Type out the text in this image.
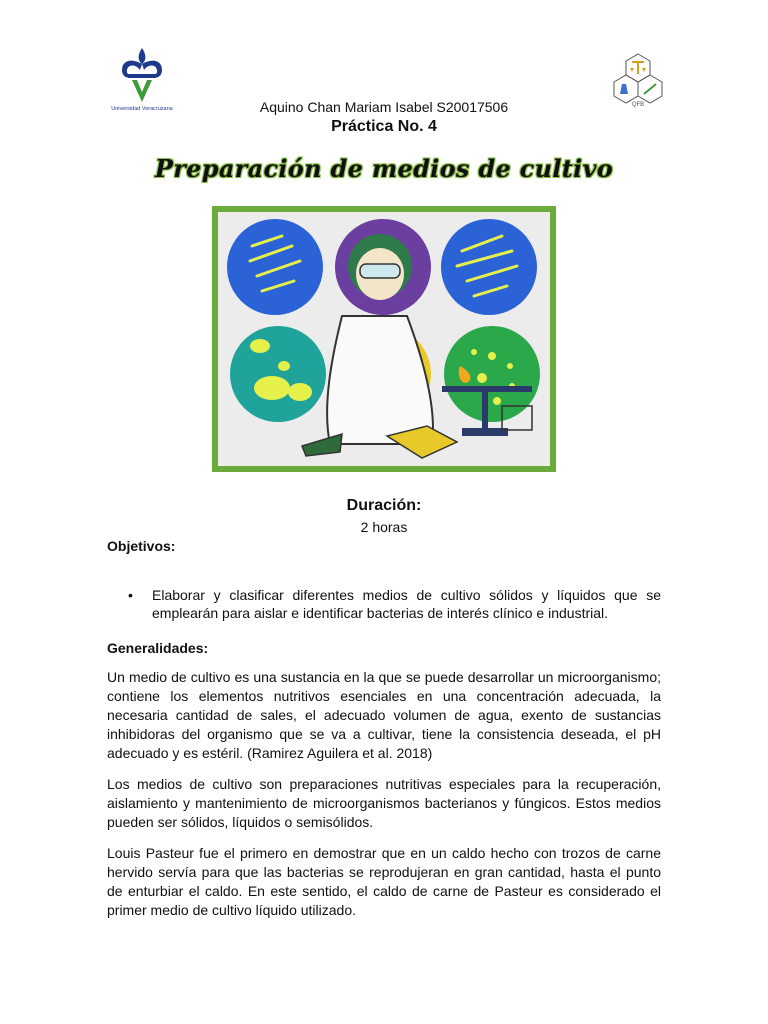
Universidad Veracruzana
QFB
Aquino Chan Mariam Isabel S20017506
Práctica No. 4
Preparación de medios de cultivo
Duración:
2 horas
Objetivos:
• Elaborar y clasificar diferentes medios de cultivo sólidos y líquidos que se emplearán para aislar e identificar bacterias de interés clínico e industrial.
Generalidades:

Un medio de cultivo es una sustancia en la que se puede desarrollar un microorganismo; contiene los elementos nutritivos esenciales en una concentración adecuada, la necesaria cantidad de sales, el adecuado volumen de agua, exento de sustancias inhibidoras del organismo que se va a cultivar, tiene la consistencia deseada, el pH adecuado y es estéril. (Ramirez Aguilera et al. 2018)

Los medios de cultivo son preparaciones nutritivas especiales para la recuperación, aislamiento y mantenimiento de microorganismos bacterianos y fúngicos. Estos medios pueden ser sólidos, líquidos o semisólidos.

Louis Pasteur fue el primero en demostrar que en un caldo hecho con trozos de carne hervido servía para que las bacterias se reprodujeran en gran cantidad, hasta el punto de enturbiar el caldo. En este sentido, el caldo de carne de Pasteur es considerado el primer medio de cultivo líquido utilizado.
